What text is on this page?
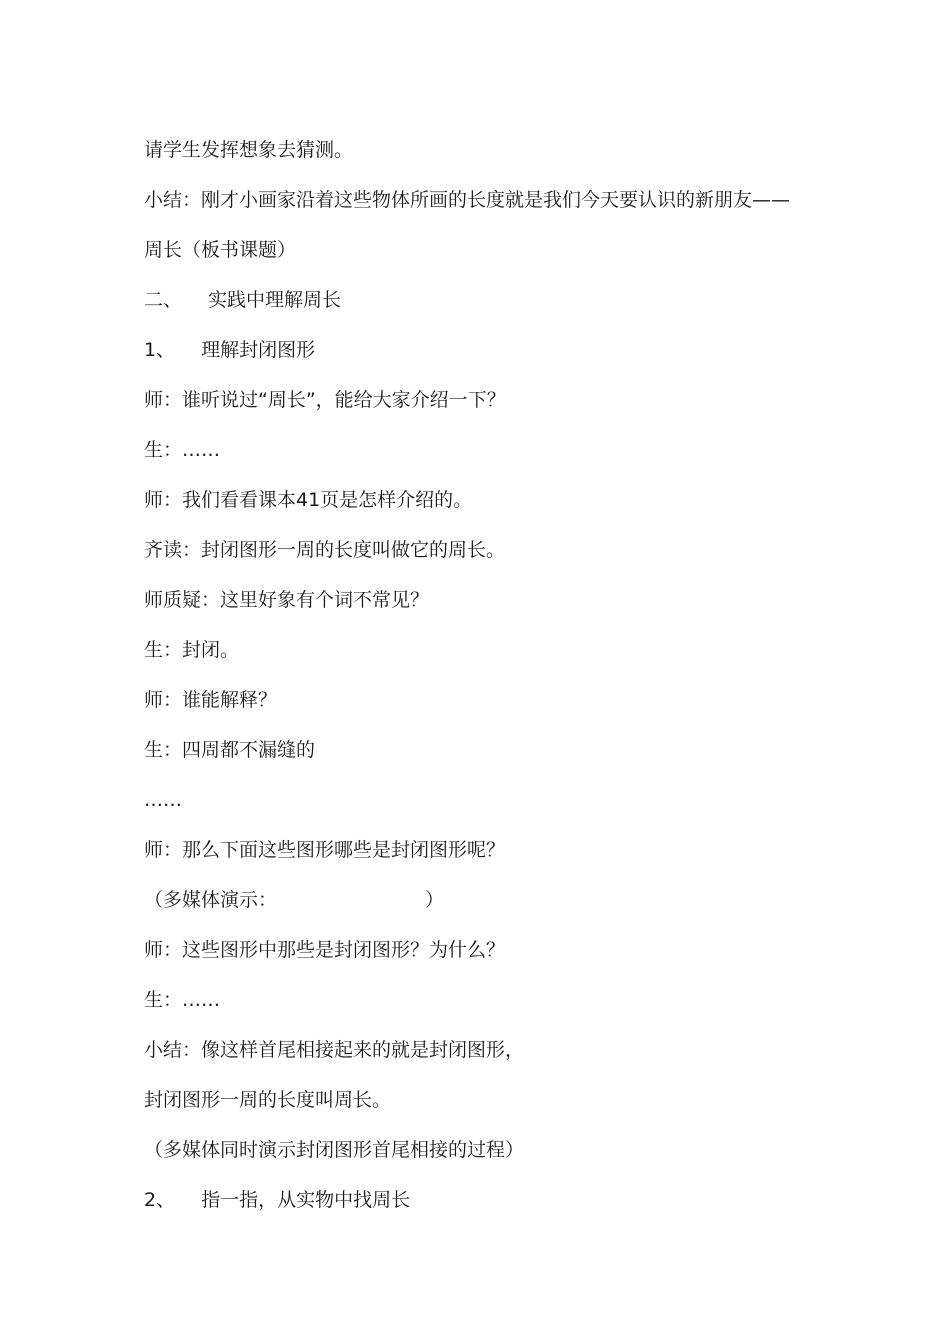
请学生发挥想象去猜测。
小结：刚才小画家沿着这些物体所画的长度就是我们今天要认识的新朋友——
周长（板书课题）
二、 实践中理解周长
1、 理解封闭图形
师：谁听说过“周长”，能给大家介绍一下？
生：……
师：我们看看课本41页是怎样介绍的。
齐读：封闭图形一周的长度叫做它的周长。
师质疑：这里好象有个词不常见？
生：封闭。
师：谁能解释？
生：四周都不漏缝的
……
师：那么下面这些图形哪些是封闭图形呢？
（多媒体演示：	）
师：这些图形中那些是封闭图形？为什么？
生：……
小结：像这样首尾相接起来的就是封闭图形，
封闭图形一周的长度叫周长。
（多媒体同时演示封闭图形首尾相接的过程）
2、 指一指，从实物中找周长
